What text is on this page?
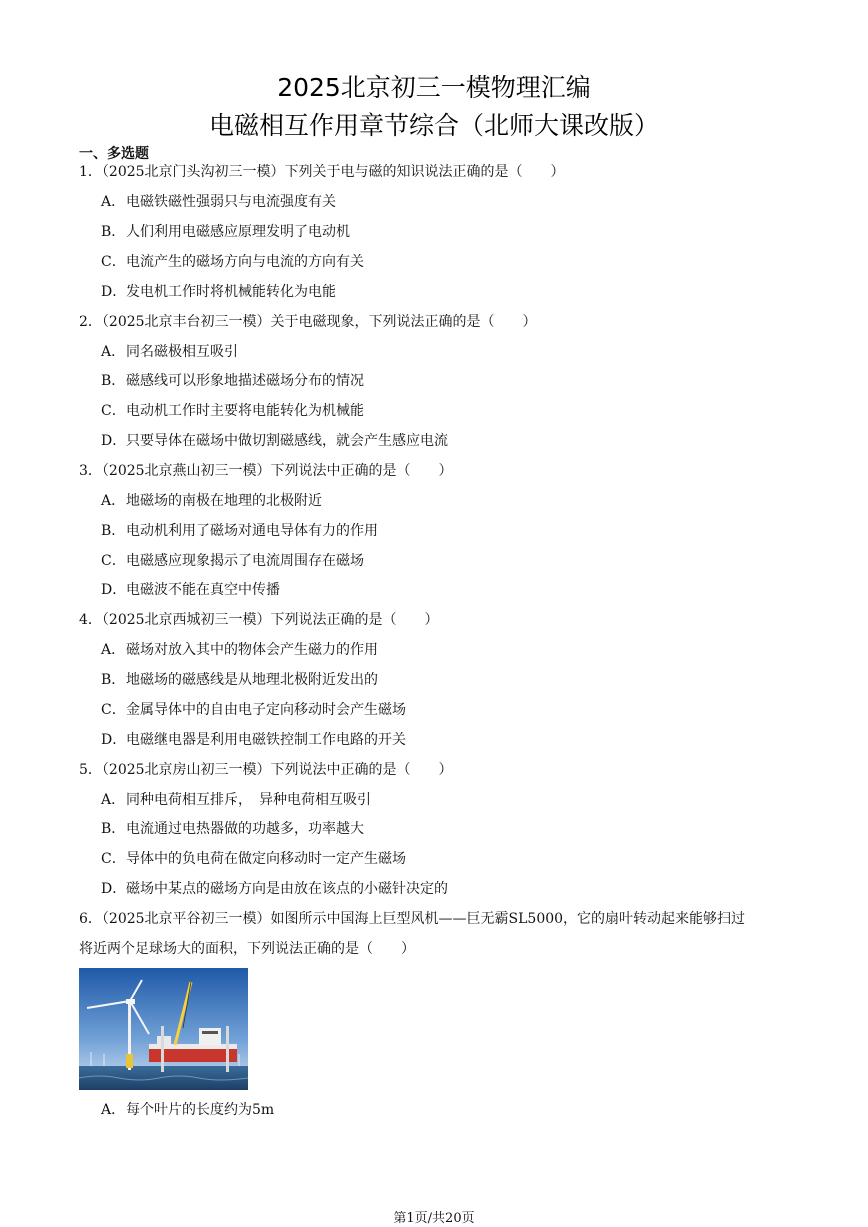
2025北京初三一模物理汇编
电磁相互作用章节综合（北师大课改版）
一、多选题
1．（2025北京门头沟初三一模）下列关于电与磁的知识说法正确的是（　　）
A．电磁铁磁性强弱只与电流强度有关
B．人们利用电磁感应原理发明了电动机
C．电流产生的磁场方向与电流的方向有关
D．发电机工作时将机械能转化为电能
2．（2025北京丰台初三一模）关于电磁现象，下列说法正确的是（　　）
A．同名磁极相互吸引
B．磁感线可以形象地描述磁场分布的情况
C．电动机工作时主要将电能转化为机械能
D．只要导体在磁场中做切割磁感线，就会产生感应电流
3．（2025北京燕山初三一模）下列说法中正确的是（　　）
A．地磁场的南极在地理的北极附近
B．电动机利用了磁场对通电导体有力的作用
C．电磁感应现象揭示了电流周围存在磁场
D．电磁波不能在真空中传播
4．（2025北京西城初三一模）下列说法正确的是（　　）
A．磁场对放入其中的物体会产生磁力的作用
B．地磁场的磁感线是从地理北极附近发出的
C．金属导体中的自由电子定向移动时会产生磁场
D．电磁继电器是利用电磁铁控制工作电路的开关
5．（2025北京房山初三一模）下列说法中正确的是（　　）
A．同种电荷相互排斥，　异种电荷相互吸引
B．电流通过电热器做的功越多，功率越大
C．导体中的负电荷在做定向移动时一定产生磁场
D．磁场中某点的磁场方向是由放在该点的小磁针决定的
6．（2025北京平谷初三一模）如图所示中国海上巨型风机——巨无霸SL5000，它的扇叶转动起来能够扫过
将近两个足球场大的面积，下列说法正确的是（　　）
A．每个叶片的长度约为5m
第1页/共20页
